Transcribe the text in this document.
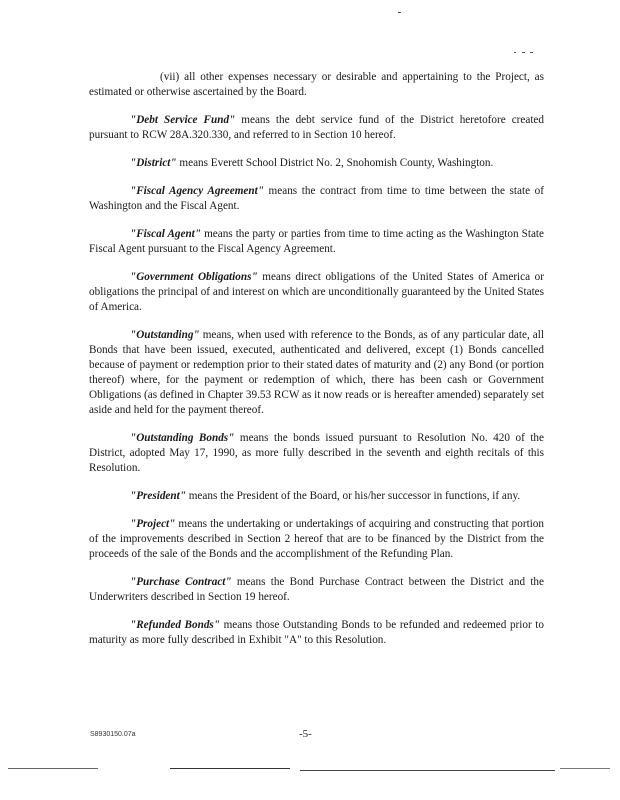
(vii) all other expenses necessary or desirable and appertaining to the Project, as estimated or otherwise ascertained by the Board.

"Debt Service Fund" means the debt service fund of the District heretofore created pursuant to RCW 28A.320.330, and referred to in Section 10 hereof.

"District" means Everett School District No. 2, Snohomish County, Washington.

"Fiscal Agency Agreement" means the contract from time to time between the state of Washington and the Fiscal Agent.

"Fiscal Agent" means the party or parties from time to time acting as the Washington State Fiscal Agent pursuant to the Fiscal Agency Agreement.

"Government Obligations" means direct obligations of the United States of America or obligations the principal of and interest on which are unconditionally guaranteed by the United States of America.

"Outstanding" means, when used with reference to the Bonds, as of any particular date, all Bonds that have been issued, executed, authenticated and delivered, except (1) Bonds cancelled because of payment or redemption prior to their stated dates of maturity and (2) any Bond (or portion thereof) where, for the payment or redemption of which, there has been cash or Government Obligations (as defined in Chapter 39.53 RCW as it now reads or is hereafter amended) separately set aside and held for the payment thereof.

"Outstanding Bonds" means the bonds issued pursuant to Resolution No. 420 of the District, adopted May 17, 1990, as more fully described in the seventh and eighth recitals of this Resolution.

"President" means the President of the Board, or his/her successor in functions, if any.

"Project" means the undertaking or undertakings of acquiring and constructing that portion of the improvements described in Section 2 hereof that are to be financed by the District from the proceeds of the sale of the Bonds and the accomplishment of the Refunding Plan.

"Purchase Contract" means the Bond Purchase Contract between the District and the Underwriters described in Section 19 hereof.

"Refunded Bonds" means those Outstanding Bonds to be refunded and redeemed prior to maturity as more fully described in Exhibit "A" to this Resolution.

S8930150.07a	-5-
